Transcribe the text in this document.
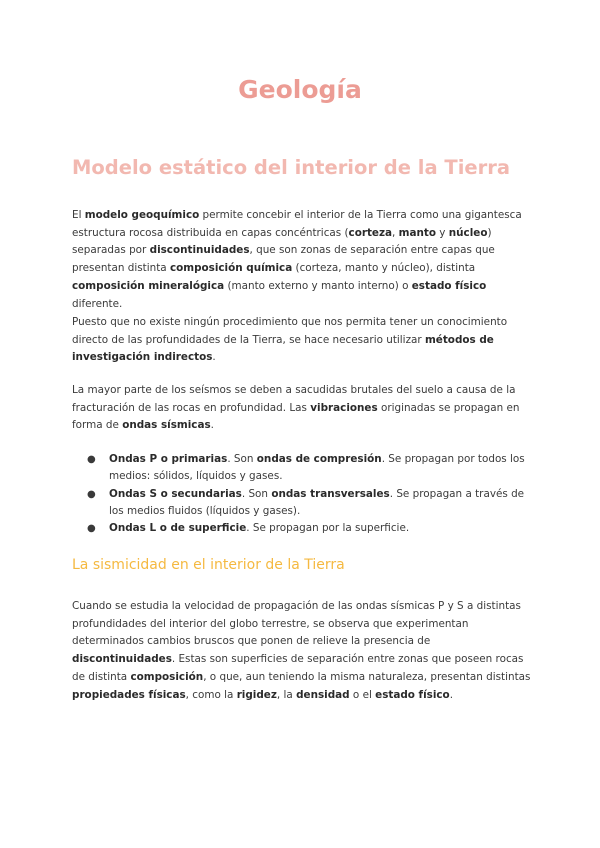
Geología
Modelo estático del interior de la Tierra

El modelo geoquímico permite concebir el interior de la Tierra como una gigantesca estructura rocosa distribuida en capas concéntricas (corteza, manto y núcleo) separadas por discontinuidades, que son zonas de separación entre capas que presentan distinta composición química (corteza, manto y núcleo), distinta composición mineralógica (manto externo y manto interno) o estado físico diferente.

Puesto que no existe ningún procedimiento que nos permita tener un conocimiento directo de las profundidades de la Tierra, se hace necesario utilizar métodos de investigación indirectos.

La mayor parte de los seísmos se deben a sacudidas brutales del suelo a causa de la fracturación de las rocas en profundidad. Las vibraciones originadas se propagan en forma de ondas sísmicas.

● Ondas P o primarias. Son ondas de compresión. Se propagan por todos los medios: sólidos, líquidos y gases.
● Ondas S o secundarias. Son ondas transversales. Se propagan a través de los medios fluidos (líquidos y gases).
● Ondas L o de superficie. Se propagan por la superficie.
La sismicidad en el interior de la Tierra

Cuando se estudia la velocidad de propagación de las ondas sísmicas P y S a distintas profundidades del interior del globo terrestre, se observa que experimentan determinados cambios bruscos que ponen de relieve la presencia de discontinuidades. Estas son superficies de separación entre zonas que poseen rocas de distinta composición, o que, aun teniendo la misma naturaleza, presentan distintas propiedades físicas, como la rigidez, la densidad o el estado físico.
